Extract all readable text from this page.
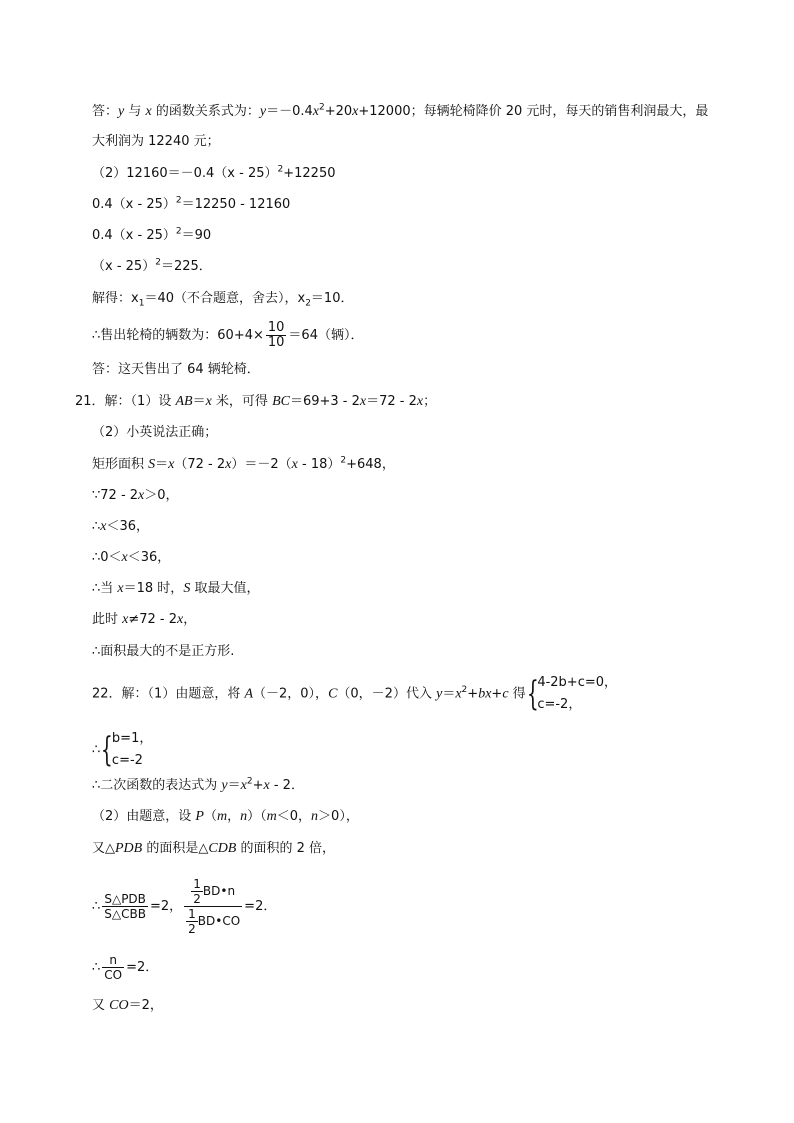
答：y 与 x 的函数关系式为：$y=-0.4x^2+20x+12000$；每辆轮椅降价 20 元时，每天的销售利润最大，最
大利润为 12240 元；
（2）12160＝－0.4（x - 25）$^2$+12250
0.4（x - 25）$^2$＝12250 - 12160
0.4（x - 25）$^2$＝90
（x - 25）$^2$＝225．
解得：$x_1=40$（不合题意，舍去），$x_2=10$．
∴售出轮椅的辆数为：$60+4\times \frac{10}{10} =64$（辆）．
答：这天售出了 64 辆轮椅．
21．解：（1）设 AB＝x 米，可得 BC＝69+3 - 2x＝72 - 2x；
（2）小英说法正确；
矩形面积 S＝x（72 - 2x）＝－2（x - 18）$^2$+648，
∵72 - 2x＞0，
∴x＜36，
∴0＜x＜36，
∴当 x＝18 时，S 取最大值，
此时 x≠72 - 2x，
∴面积最大的不是正方形.
22．解：（1）由题意，将 A（－2，0），C（0，－2）代入 $y=x^2+bx+c$ 得{
4-2b+c=0，
c=-2，
∴{
b=1，
c=-2
∴二次函数的表达式为 $y=x^2+x - 2$．
（2）由题意，设 P（m，n）（m＜0，n＞0），
又△PDB 的面积是△CDB 的面积的 2 倍，
∴ $\frac{\text{S△PDB}}{\text{S△CBB}} =2$， $\frac{\frac{1}{2} BD•n}{\frac{1}{2} BD•CO} =2$．
∴ $\frac{n}{CO} =2$．
又 CO＝2，
